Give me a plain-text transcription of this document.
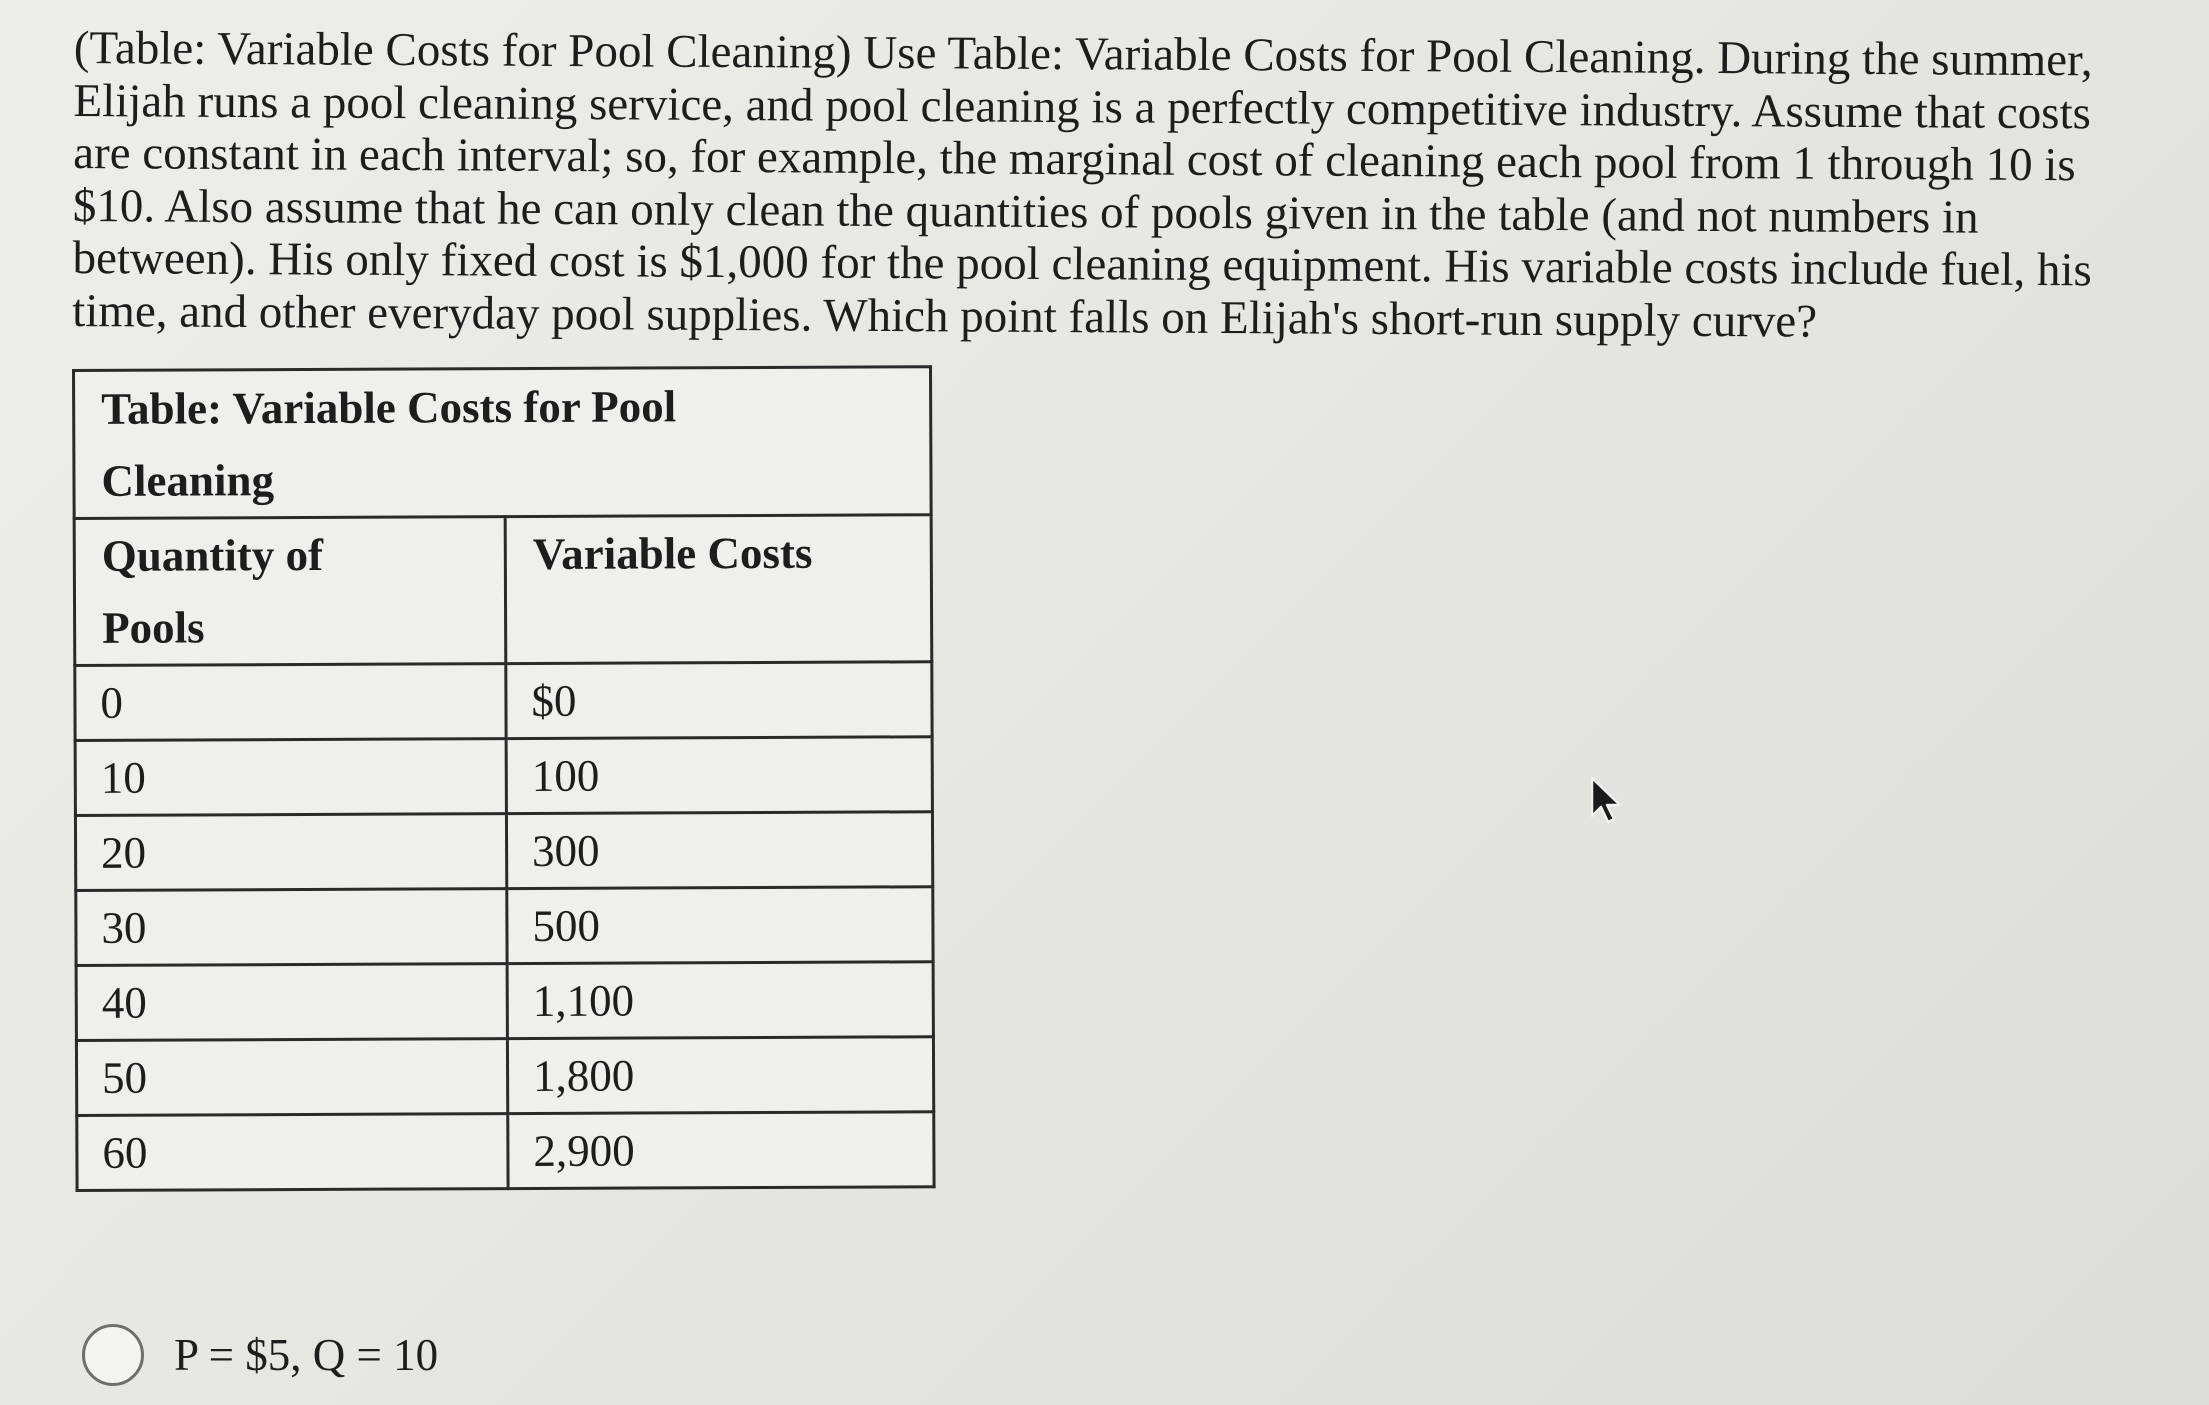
(Table: Variable Costs for Pool Cleaning) Use Table: Variable Costs for Pool Cleaning. During the summer,
Elijah runs a pool cleaning service, and pool cleaning is a perfectly competitive industry. Assume that costs
are constant in each interval; so, for example, the marginal cost of cleaning each pool from 1 through 10 is
$10. Also assume that he can only clean the quantities of pools given in the table (and not numbers in
between). His only fixed cost is $1,000 for the pool cleaning equipment. His variable costs include fuel, his
time, and other everyday pool supplies. Which point falls on Elijah's short-run supply curve?
Table: Variable Costs for Pool
Cleaning	
Quantity of
Pools	Variable Costs
0	$0
10	100
20	300
30	500
40	1,100
50	1,800
60	2,900
P = $5, Q = 10
